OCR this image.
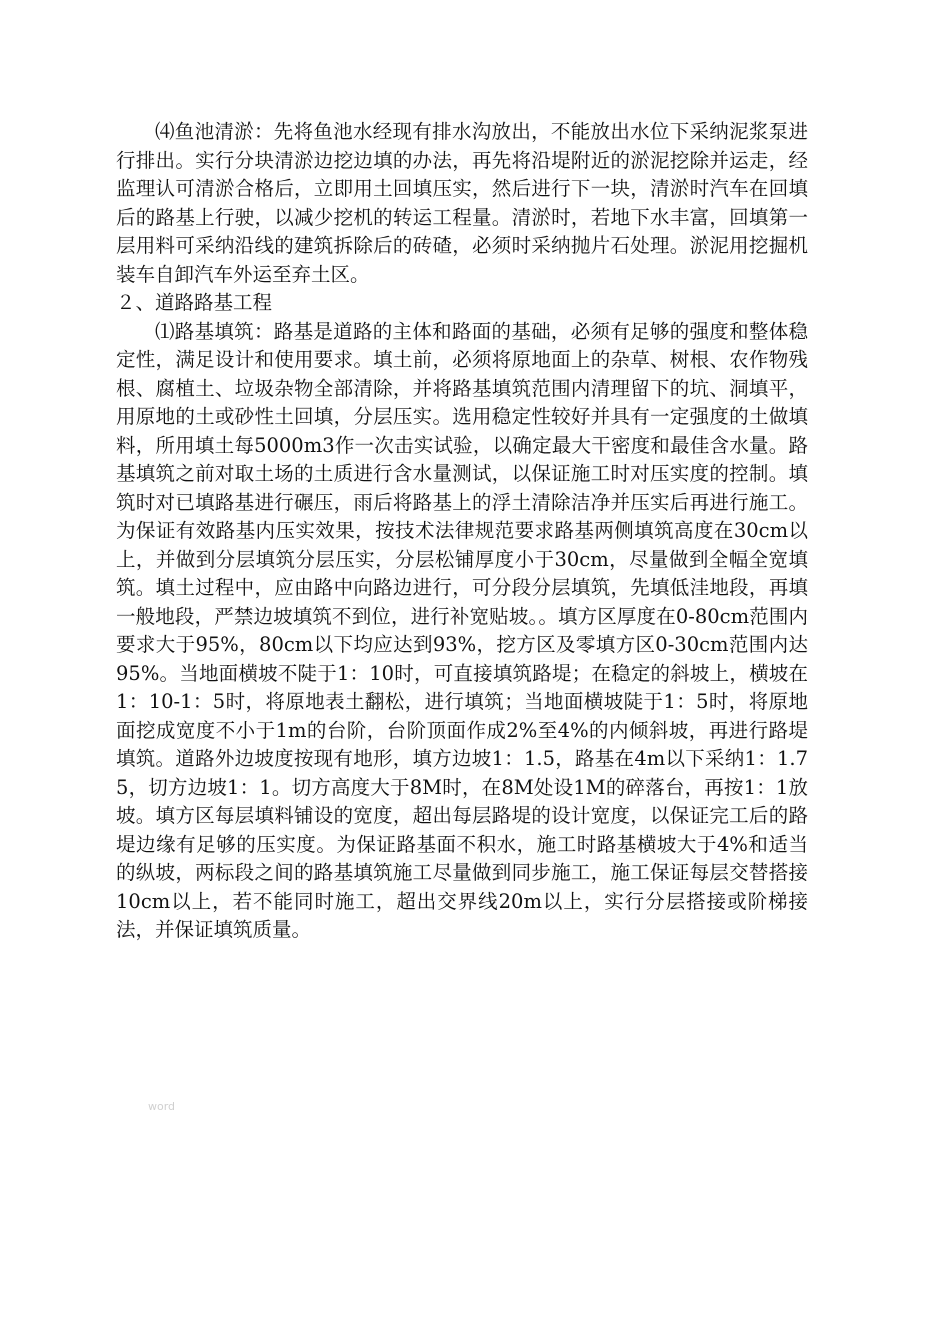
⑷鱼池清淤：先将鱼池水经现有排水沟放出，不能放出水位下采纳泥浆泵进行排出。实行分块清淤边挖边填的办法，再先将沿堤附近的淤泥挖除并运走，经监理认可清淤合格后，立即用土回填压实，然后进行下一块，清淤时汽车在回填后的路基上行驶，以减少挖机的转运工程量。清淤时，若地下水丰富，回填第一层用料可采纳沿线的建筑拆除后的砖碴，必须时采纳抛片石处理。淤泥用挖掘机装车自卸汽车外运至弃土区。

２、道路路基工程

⑴路基填筑：路基是道路的主体和路面的基础，必须有足够的强度和整体稳定性，满足设计和使用要求。填土前，必须将原地面上的杂草、树根、农作物残根、腐植土、垃圾杂物全部清除，并将路基填筑范围内清理留下的坑、洞填平，用原地的土或砂性土回填，分层压实。选用稳定性较好并具有一定强度的土做填料，所用填土每5000m3作一次击实试验，以确定最大干密度和最佳含水量。路基填筑之前对取土场的土质进行含水量测试，以保证施工时对压实度的控制。填筑时对已填路基进行碾压，雨后将路基上的浮土清除洁净并压实后再进行施工。为保证有效路基内压实效果，按技术法律规范要求路基两侧填筑高度在30cm以上，并做到分层填筑分层压实，分层松铺厚度小于30cm，尽量做到全幅全宽填筑。填土过程中，应由路中向路边进行，可分段分层填筑，先填低洼地段，再填一般地段，严禁边坡填筑不到位，进行补宽贴坡。。填方区厚度在0-80cm范围内要求大于95%，80cm以下均应达到93%，挖方区及零填方区0-30cm范围内达95%。当地面横坡不陡于1：10时，可直接填筑路堤；在稳定的斜坡上，横坡在1：10-1：5时，将原地表土翻松，进行填筑；当地面横坡陡于1：5时，将原地面挖成宽度不小于1m的台阶，台阶顶面作成2%至4%的内倾斜坡，再进行路堤填筑。道路外边坡度按现有地形，填方边坡1：1.5，路基在4m以下采纳1：1.75，切方边坡1：1。切方高度大于8M时，在8M处设1M的碎落台，再按1：1放坡。填方区每层填料铺设的宽度，超出每层路堤的设计宽度，以保证完工后的路堤边缘有足够的压实度。为保证路基面不积水，施工时路基横坡大于4%和适当的纵坡，两标段之间的路基填筑施工尽量做到同步施工，施工保证每层交替搭接10cm以上，若不能同时施工，超出交界线20m以上，实行分层搭接或阶梯接法，并保证填筑质量。

word
